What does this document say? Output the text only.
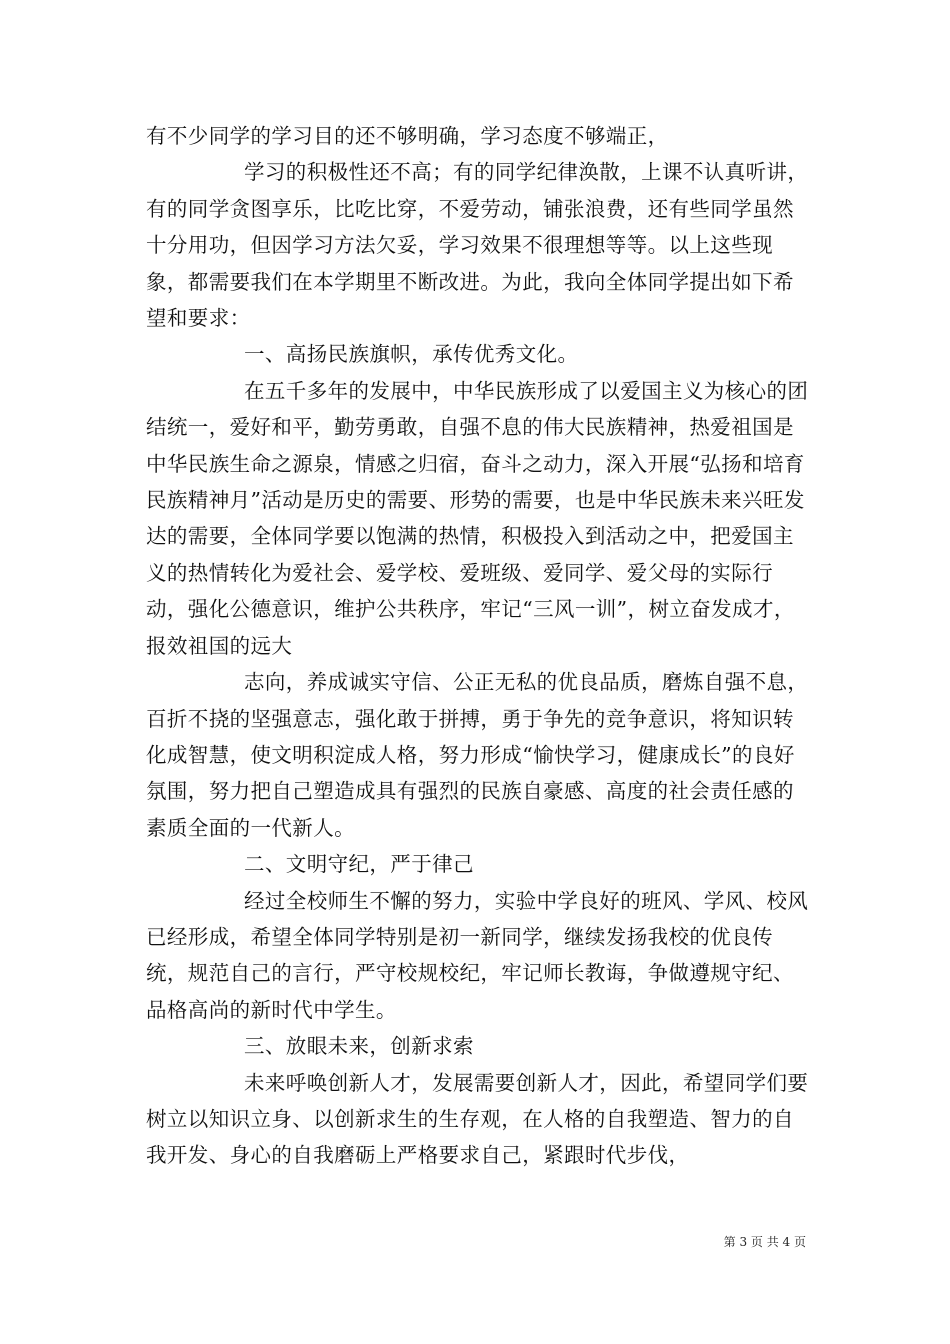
有不少同学的学习目的还不够明确，学习态度不够端正，

学习的积极性还不高；有的同学纪律涣散，上课不认真听讲，有的同学贪图享乐，比吃比穿，不爱劳动，铺张浪费，还有些同学虽然十分用功，但因学习方法欠妥，学习效果不很理想等等。以上这些现象，都需要我们在本学期里不断改进。为此，我向全体同学提出如下希望和要求：

一、高扬民族旗帜，承传优秀文化。

在五千多年的发展中，中华民族形成了以爱国主义为核心的团结统一，爱好和平，勤劳勇敢，自强不息的伟大民族精神，热爱祖国是中华民族生命之源泉，情感之归宿，奋斗之动力，深入开展“弘扬和培育民族精神月”活动是历史的需要、形势的需要，也是中华民族未来兴旺发达的需要，全体同学要以饱满的热情，积极投入到活动之中，把爱国主义的热情转化为爱社会、爱学校、爱班级、爱同学、爱父母的实际行动，强化公德意识，维护公共秩序，牢记“三风一训”，树立奋发成才，报效祖国的远大

志向，养成诚实守信、公正无私的优良品质，磨炼自强不息，百折不挠的坚强意志，强化敢于拼搏，勇于争先的竞争意识，将知识转化成智慧，使文明积淀成人格，努力形成“愉快学习，健康成长”的良好氛围，努力把自己塑造成具有强烈的民族自豪感、高度的社会责任感的素质全面的一代新人。

二、文明守纪，严于律己

经过全校师生不懈的努力，实验中学良好的班风、学风、校风已经形成，希望全体同学特别是初一新同学，继续发扬我校的优良传统，规范自己的言行，严守校规校纪，牢记师长教诲，争做遵规守纪、品格高尚的新时代中学生。

三、放眼未来，创新求索

未来呼唤创新人才，发展需要创新人才，因此，希望同学们要树立以知识立身、以创新求生的生存观，在人格的自我塑造、智力的自我开发、身心的自我磨砺上严格要求自己，紧跟时代步伐，

第 3 页 共 4 页
